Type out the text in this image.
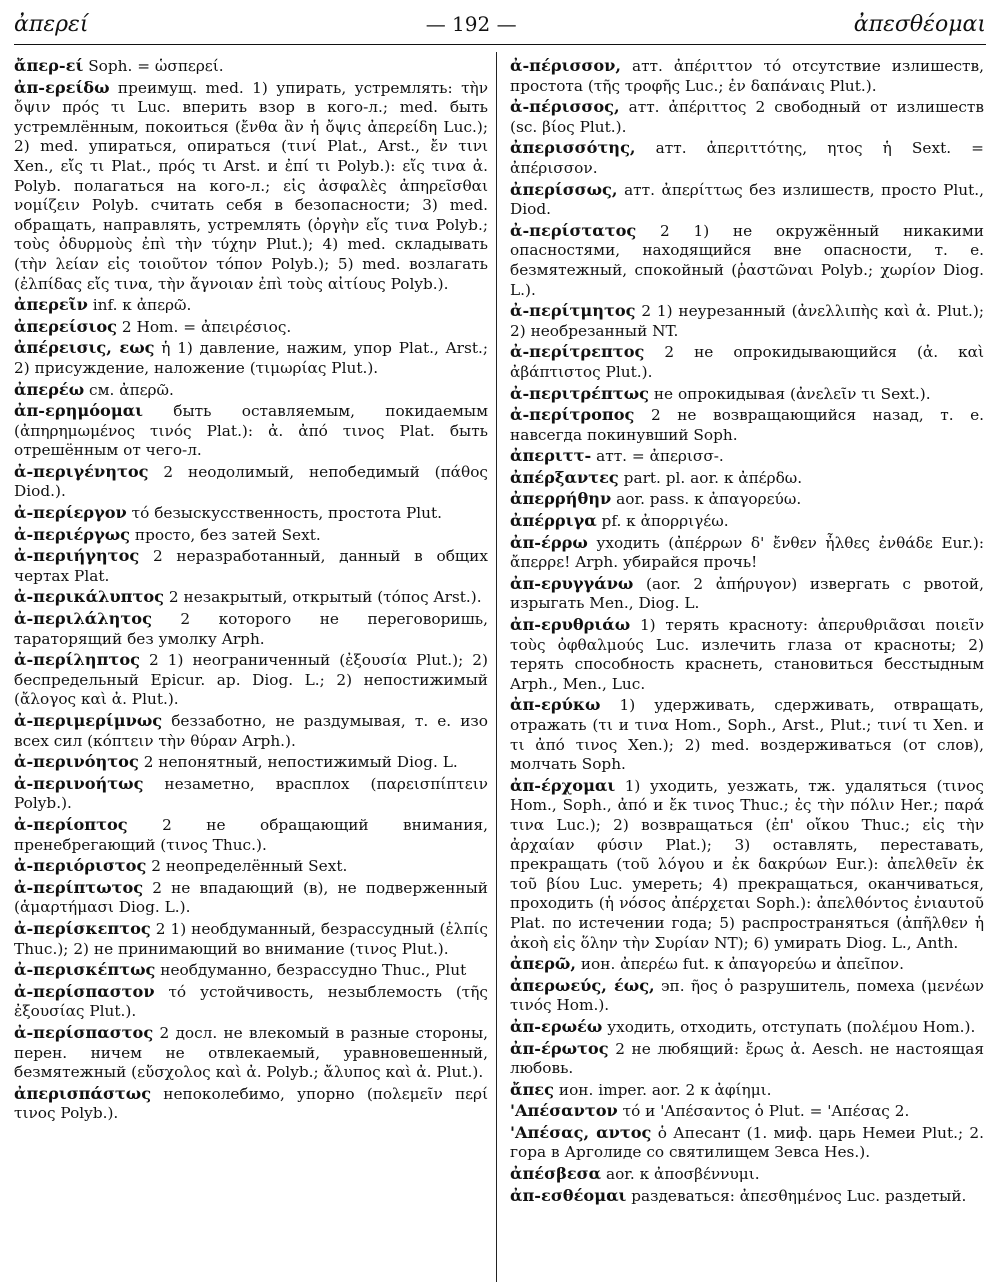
ἀπερεί	— 192 —	ἀπεσθέομαι

ἄπερ-εί Soph. = ὡσπερεί.

ἀπ-ερείδω преимущ. med. 1) упирать, устремлять: τὴν ὄψιν πρός τι Luc. вперить взор в кого-л.; med. быть устремлённым, покоиться (ἔνθα ἂν ἡ ὄψις ἀπερείδη Luc.); 2) med. упираться, опираться (τινί Plat., Arst., ἔν τινι Xen., εἴς τι Plat., πρός τι Arst. и ἐπί τι Polyb.): εἴς τινα ἀ. Polyb. полагаться на кого-л.; εἰς ἀσφαλὲς ἀπηρεῖσθαι νομίζειν Polyb. считать себя в безопасности; 3) med. обращать, направлять, устремлять (ὀργὴν εἴς τινα Polyb.; τοὺς ὀδυρμοὺς ἐπὶ τὴν τύχην Plut.); 4) med. складывать (τὴν λείαν εἰς τοιοῦτον τόπον Polyb.); 5) med. возлагать (ἐλπίδας εἴς τινα, τὴν ἄγνοιαν ἐπὶ τοὺς αἰτίους Polyb.).

ἀπερεῖν inf. к ἀπερῶ.

ἀπερείσιος 2 Hom. = ἀπειρέσιος.

ἀπέρεισις, εως ἡ 1) давление, нажим, упор Plat., Arst.; 2) присуждение, наложение (τιμωρίας Plut.).

ἀπερέω см. ἀπερῶ.

ἀπ-ερημόομαι быть оставляемым, покидаемым (ἀπηρημωμένος τινός Plat.): ἀ. ἀπό τινος Plat. быть отрешённым от чего-л.

ἀ-περιγένητος 2 неодолимый, непобедимый (πάθος Diod.).

ἀ-περίεργον τό безыскусственность, простота Plut.

ἀ-περιέργως просто, без затей Sext.

ἀ-περιήγητος 2 неразработанный, данный в общих чертах Plat.

ἀ-περικάλυπτος 2 незакрытый, открытый (τόπος Arst.).

ἀ-περιλάλητος 2 которого не переговоришь, тараторящий без умолку Arph.

ἀ-περίληπτος 2 1) неограниченный (ἐξουσία Plut.); 2) беспредельный Epicur. ap. Diog. L.; 2) непостижимый (ἄλογος καὶ ἀ. Plut.).

ἀ-περιμερίμνως беззаботно, не раздумывая, т. е. изо всех сил (κόπτειν τὴν θύραν Arph.).

ἀ-περινόητος 2 непонятный, непостижимый Diog. L.

ἀ-περινοήτως незаметно, врасплох (παρεισπίπτειν Polyb.).

ἀ-περίοπτος 2 не обращающий внимания, пренебрегающий (τινος Thuc.).

ἀ-περιόριστος 2 неопределённый Sext.

ἀ-περίπτωτος 2 не впадающий (в), не подверженный (ἁμαρτήμασι Diog. L.).

ἀ-περίσκεπτος 2 1) необдуманный, безрассудный (ἐλπίς Thuc.); 2) не принимающий во внимание (τινος Plut.).

ἀ-περισκέπτως необдуманно, безрассудно Thuc., Plut

ἀ-περίσπαστον τό устойчивость, незыблемость (τῆς ἐξουσίας Plut.).

ἀ-περίσπαστος 2 досл. не влекомый в разные стороны, перен. ничем не отвлекаемый, уравновешенный, безмятежный (εὔσχολος καὶ ἀ. Polyb.; ἄλυπος καὶ ἀ. Plut.).

ἀπερισπάστως непоколебимо, упорно (πολεμεῖν περί τινος Polyb.).

ἀ-πέρισσον, атт. ἀπέριττον τό отсутствие излишеств, простота (τῆς τροφῆς Luc.; ἐν δαπάναις Plut.).

ἀ-πέρισσος, атт. ἀπέριττος 2 свободный от излишеств (sc. βίος Plut.).

ἀπερισσότης, атт. ἀπεριττότης, ητος ἡ Sext. = ἀπέρισσον.

ἀπερίσσως, атт. ἀπερίττως без излишеств, просто Plut., Diod.

ἀ-περίστατος 2 1) не окружённый никакими опасностями, находящийся вне опасности, т. е. безмятежный, спокойный (ῥαστῶναι Polyb.; χωρίον Diog. L.).

ἀ-περίτμητος 2 1) неурезанный (ἀνελλιπὴς καὶ ἀ. Plut.); 2) необрезанный NT.

ἀ-περίτρεπτος 2 не опрокидывающийся (ἀ. καὶ ἀβάπτιστος Plut.).

ἀ-περιτρέπτως не опрокидывая (ἀνελεῖν τι Sext.).

ἀ-περίτροπος 2 не возвращающийся назад, т. е. навсегда покинувший Soph.

ἀπεριττ- атт. = ἀπερισσ-.

ἀπέρξαντες part. pl. aor. к ἀπέρδω.

ἀπερρήθην aor. pass. к ἀπαγορεύω.

ἀπέρριγα pf. к ἀπορριγέω.

ἀπ-έρρω уходить (ἀπέρρων δ' ἔνθεν ἦλθες ἐνθάδε Eur.): ἄπερρε! Arph. убирайся прочь!

ἀπ-ερυγγάνω (aor. 2 ἀπήρυγον) извергать с рвотой, изрыгать Men., Diog. L.

ἀπ-ερυθριάω 1) терять красноту: ἀπερυθριᾶσαι ποιεῖν τοὺς ὀφθαλμούς Luc. излечить глаза от красноты; 2) терять способность краснеть, становиться бесстыдным Arph., Men., Luc.

ἀπ-ερύκω 1) удерживать, сдерживать, отвращать, отражать (τι и τινα Hom., Soph., Arst., Plut.; τινί τι Xen. и τι ἀπό τινος Xen.); 2) med. воздерживаться (от слов), молчать Soph.

ἀπ-έρχομαι 1) уходить, уезжать, тж. удаляться (τινος Hom., Soph., ἀπό и ἔκ τινος Thuc.; ἐς τὴν πόλιν Her.; παρά τινα Luc.); 2) возвращаться (ἐπ' οἴκου Thuc.; εἰς τὴν ἀρχαίαν φύσιν Plat.); 3) оставлять, переставать, прекращать (τοῦ λόγου и ἐκ δακρύων Eur.): ἀπελθεῖν ἐκ τοῦ βίου Luc. умереть; 4) прекращаться, оканчиваться, проходить (ἡ νόσος ἀπέρχεται Soph.): ἀπελθόντος ἐνιαυτοῦ Plat. по истечении года; 5) распространяться (ἀπῆλθεν ἡ ἀκοὴ εἰς ὅλην τὴν Συρίαν NT); 6) умирать Diog. L., Anth.

ἀπερῶ, ион. ἀπερέω fut. к ἀπαγορεύω и ἀπεῖπον.

ἀπερωεύς, έως, эп. ῆος ὁ разрушитель, помеха (μενέων τινός Hom.).

ἀπ-ερωέω уходить, отходить, отступать (πολέμου Hom.).

ἀπ-έρωτος 2 не любящий: ἔρως ἀ. Aesch. не настоящая любовь.

ἄπες ион. imper. aor. 2 к ἀφίημι.

'Απέσαντον τό и 'Απέσαντος ὁ Plut. = 'Απέσας 2.

'Απέσας, αντος ὁ Апесант (1. миф. царь Немеи Plut.; 2. гора в Арголиде со святилищем Зевса Hes.).

ἀπέσβεσα aor. к ἀποσβέννυμι.

ἀπ-εσθέομαι раздеваться: ἀπεσθημένος Luc. раздетый.
